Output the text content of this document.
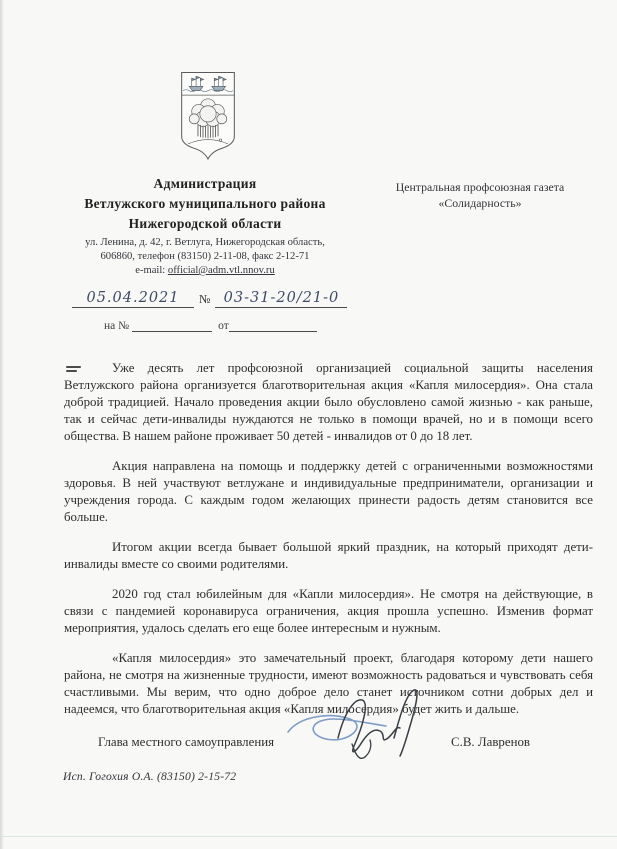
Администрация
Ветлужского муниципального района
Нижегородской области
Центральная профсоюзная газета
«Солидарность»
ул. Ленина, д. 42, г. Ветлуга, Нижегородская область,
606860, телефон (83150) 2-11-08, факс 2-12-71
e-mail: official@adm.vtl.nnov.ru
05.04.2021	№ 03-31-20/21-0
на №	от

Уже десять лет профсоюзной организацией социальной защиты населения Ветлужского района организуется благотворительная акция «Капля милосердия». Она стала доброй традицией. Начало проведения акции было обусловлено самой жизнью - как раньше, так и сейчас дети-инвалиды нуждаются не только в помощи врачей, но и в помощи всего общества. В нашем районе проживает 50 детей - инвалидов от 0 до 18 лет.

Акция направлена на помощь и поддержку детей с ограниченными возможностями здоровья. В ней участвуют ветлужане и индивидуальные предприниматели, организации и учреждения города. С каждым годом желающих принести радость детям становится все больше.

Итогом акции всегда бывает большой яркий праздник, на который приходят дети-инвалиды вместе со своими родителями.

2020 год стал юбилейным для «Капли милосердия». Не смотря на действующие, в связи с пандемией коронавируса ограничения, акция прошла успешно. Изменив формат мероприятия, удалось сделать его еще более интересным и нужным.

«Капля милосердия» это замечательный проект, благодаря которому дети нашего района, не смотря на жизненные трудности, имеют возможность радоваться и чувствовать себя счастливыми. Мы верим, что одно доброе дело станет источником сотни добрых дел и надеемся, что благотворительная акция «Капля милосердия» будет жить и дальше.

Глава местного самоуправления	С.В. Лавренов
Исп. Гогохия О.А. (83150) 2-15-72
